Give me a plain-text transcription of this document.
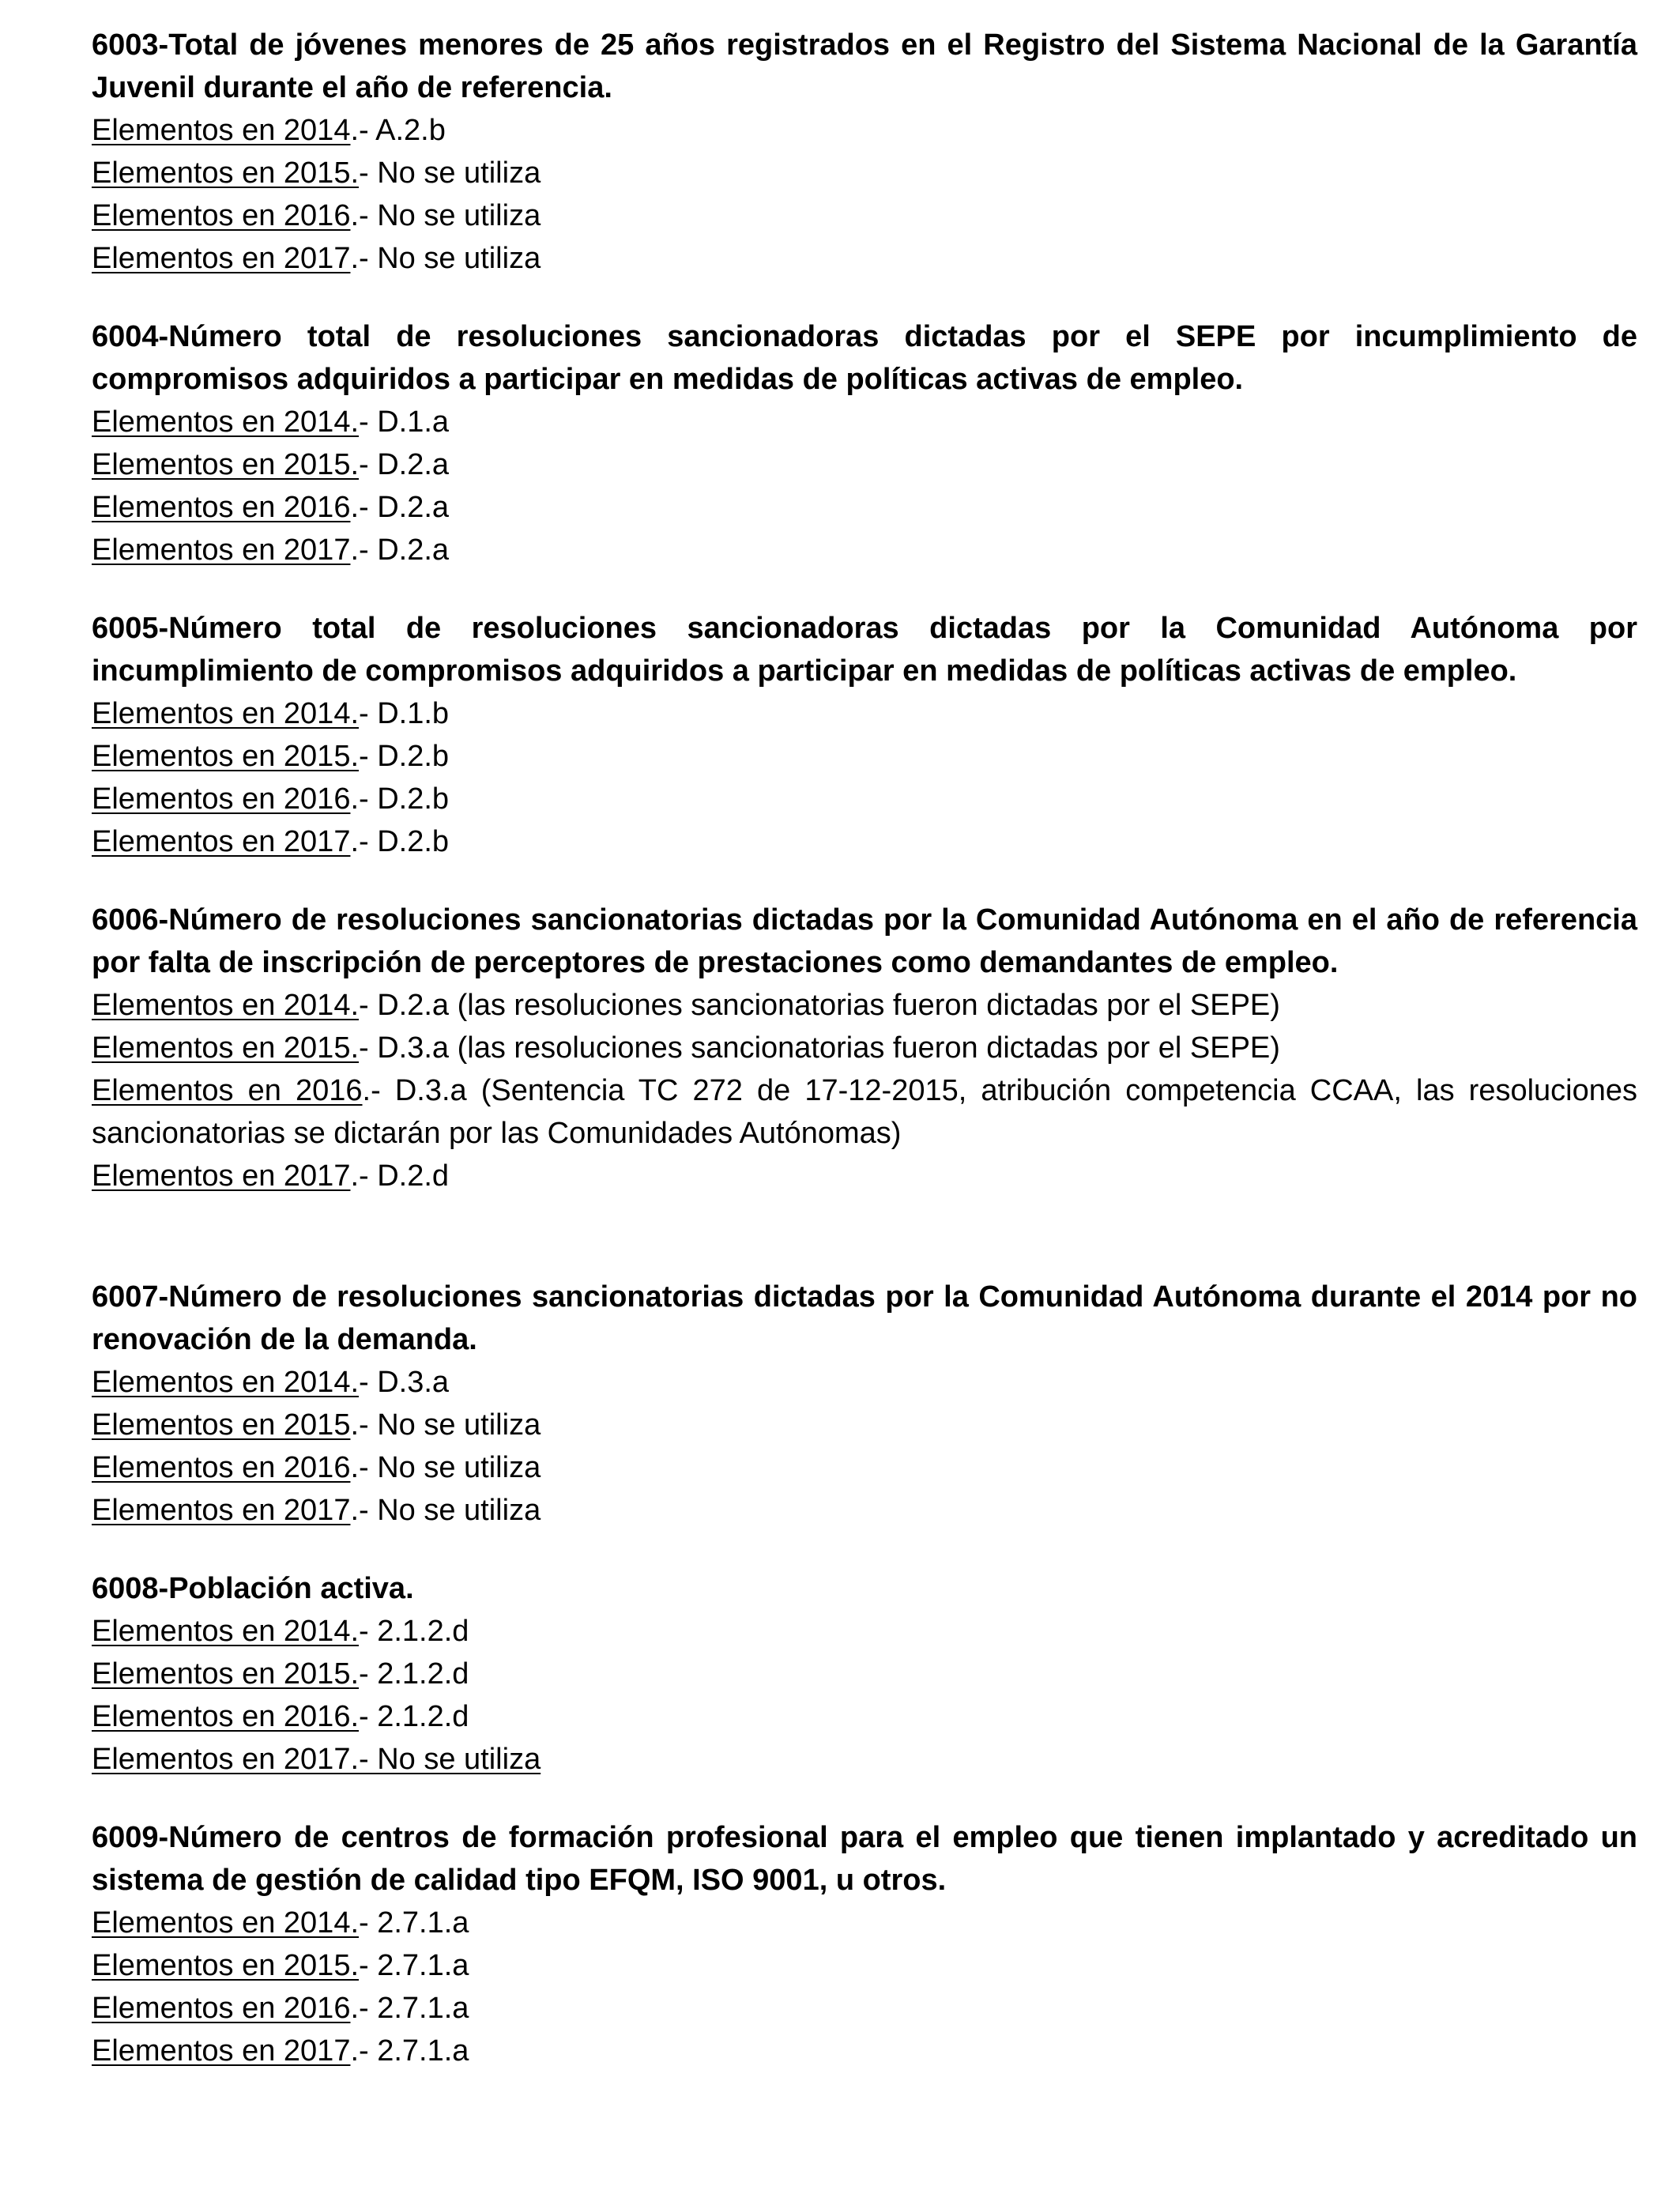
6003-Total de jóvenes menores de 25 años registrados en el Registro del Sistema Nacional de la Garantía Juvenil durante el año de referencia.

Elementos en 2014.- A.2.b

Elementos en 2015.- No se utiliza

Elementos en 2016.- No se utiliza

Elementos en 2017.- No se utiliza

6004-Número total de resoluciones sancionadoras dictadas por el SEPE por incumplimiento de compromisos adquiridos a participar en medidas de políticas activas de empleo.

Elementos en 2014.- D.1.a

Elementos en 2015.- D.2.a

Elementos en 2016.- D.2.a

Elementos en 2017.- D.2.a

6005-Número total de resoluciones sancionadoras dictadas por la Comunidad Autónoma por incumplimiento de compromisos adquiridos a participar en medidas de políticas activas de empleo.

Elementos en 2014.- D.1.b

Elementos en 2015.- D.2.b

Elementos en 2016.- D.2.b

Elementos en 2017.- D.2.b

6006-Número de resoluciones sancionatorias dictadas por la Comunidad Autónoma en el año de referencia por falta de inscripción de perceptores de prestaciones como demandantes de empleo.

Elementos en 2014.- D.2.a (las resoluciones sancionatorias fueron dictadas por el SEPE)

Elementos en 2015.- D.3.a (las resoluciones sancionatorias fueron dictadas por el SEPE)

Elementos en 2016.- D.3.a (Sentencia TC 272 de 17-12-2015, atribución competencia CCAA, las resoluciones sancionatorias se dictarán por las Comunidades Autónomas)

Elementos en 2017.- D.2.d

6007-Número de resoluciones sancionatorias dictadas por la Comunidad Autónoma durante el 2014 por no renovación de la demanda.

Elementos en 2014.- D.3.a

Elementos en 2015.- No se utiliza

Elementos en 2016.- No se utiliza

Elementos en 2017.- No se utiliza

6008-Población activa.

Elementos en 2014.- 2.1.2.d

Elementos en 2015.- 2.1.2.d

Elementos en 2016.- 2.1.2.d

Elementos en 2017.- No se utiliza

6009-Número de centros de formación profesional para el empleo que tienen implantado y acreditado un sistema de gestión de calidad tipo EFQM, ISO 9001, u otros.

Elementos en 2014.- 2.7.1.a

Elementos en 2015.- 2.7.1.a

Elementos en 2016.- 2.7.1.a

Elementos en 2017.- 2.7.1.a
